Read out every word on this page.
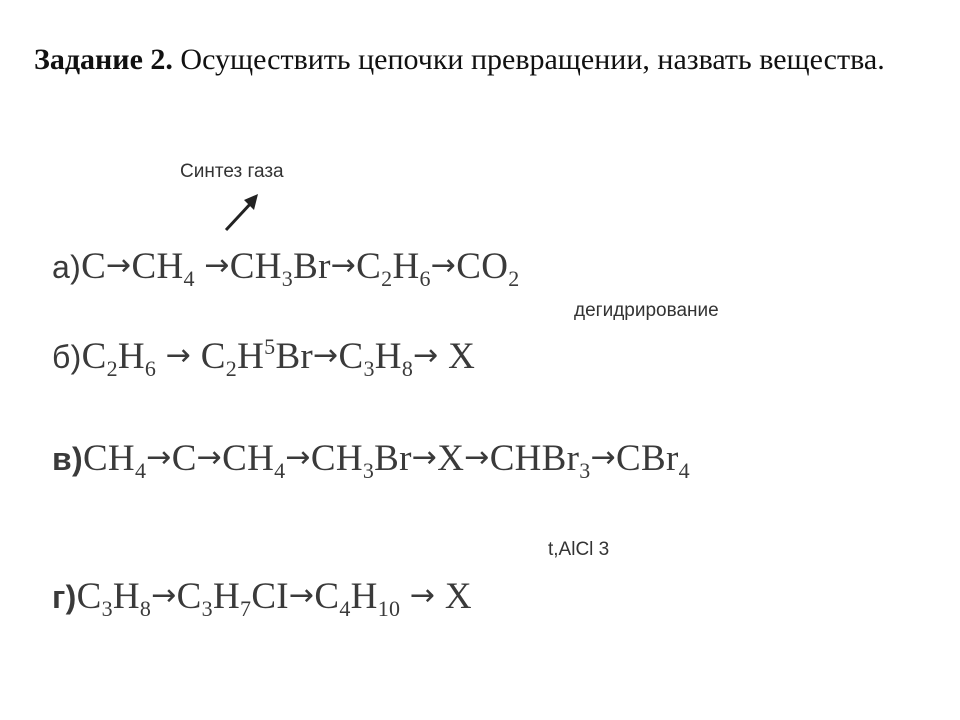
Задание 2. Осуществить цепочки превращении, назвать вещества.
Синтез газа
дегидрирование
t,AlCl 3
$а)C\to CH_4 \to CH_3Br\to C_2H_6\to CO_2$
$б)C_2H_6 \to C_2H^5Br\to C_3H_8\to X$
$в)CH_4\to C\to CH_4\to CH_3Br\to X\to CHBr_3\to CBr_4$
$г)C_3H_8\to C_3H_7CI\to C_4H_{10} \to X$
